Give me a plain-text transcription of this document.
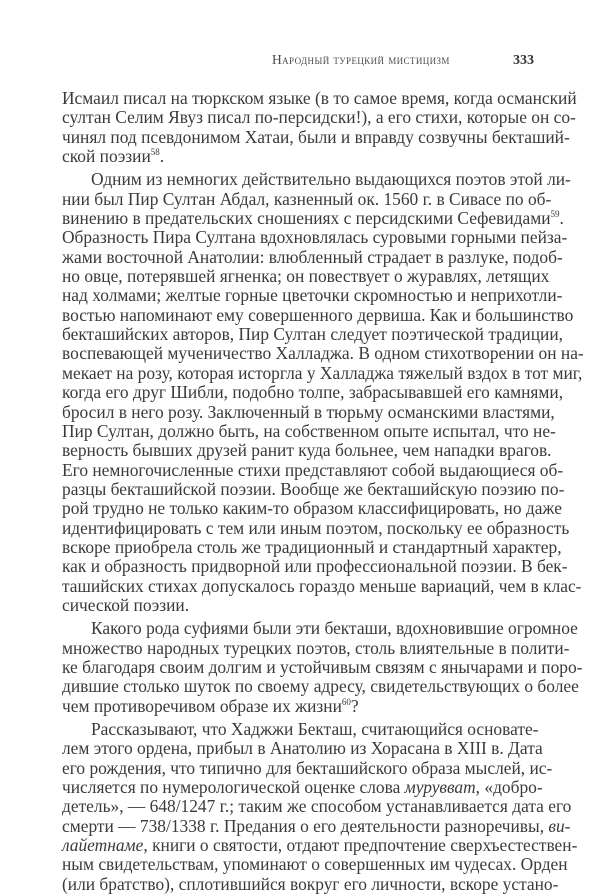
Народный турецкий мистицизм	333
Исмаил писал на тюркском языке (в то самое время, когда османский
султан Селим Явуз писал по-персидски!), а его стихи, которые он со-
чинял под псевдонимом Хатаи, были и вправду созвучны бекташий-
ской поэзии$^{58}$.
Одним из немногих действительно выдающихся поэтов этой ли-
нии был Пир Султан Абдал, казненный ок. 1560 г. в Сивасе по об-
винению в предательских сношениях с персидскими Сефевидами$^{59}$.
Образность Пира Султана вдохновлялась суровыми горными пейза-
жами восточной Анатолии: влюбленный страдает в разлуке, подоб-
но овце, потерявшей ягненка; он повествует о журавлях, летящих
над холмами; желтые горные цветочки скромностью и неприхотли-
востью напоминают ему совершенного дервиша. Как и большинство
бекташийских авторов, Пир Султан следует поэтической традиции,
воспевающей мученичество Халладжа. В одном стихотворении он на-
мекает на розу, которая исторгла у Халладжа тяжелый вздох в тот миг,
когда его друг Шибли, подобно толпе, забрасывавшей его камнями,
бросил в него розу. Заключенный в тюрьму османскими властями,
Пир Султан, должно быть, на собственном опыте испытал, что не-
верность бывших друзей ранит куда больнее, чем нападки врагов.
Его немногочисленные стихи представляют собой выдающиеся об-
разцы бекташийской поэзии. Вообще же бекташийскую поэзию по-
рой трудно не только каким-то образом классифицировать, но даже
идентифицировать с тем или иным поэтом, поскольку ее образность
вскоре приобрела столь же традиционный и стандартный характер,
как и образность придворной или профессиональной поэзии. В бек-
ташийских стихах допускалось гораздо меньше вариаций, чем в клас-
сической поэзии.
Какого рода суфиями были эти бекташи, вдохновившие огромное
множество народных турецких поэтов, столь влиятельные в полити-
ке благодаря своим долгим и устойчивым связям с янычарами и поро-
дившие столько шуток по своему адресу, свидетельствующих о более
чем противоречивом образе их жизни$^{60}$?
Рассказывают, что Хаджжи Бекташ, считающийся основате-
лем этого ордена, прибыл в Анатолию из Хорасана в XIII в. Дата
его рождения, что типично для бекташийского образа мыслей, ис-
числяется по нумерологической оценке слова мурувват, «добро-
детель», — 648/1247 г.; таким же способом устанавливается дата его
смерти — 738/1338 г. Предания о его деятельности разноречивы, ви-
лайетнаме, книги о святости, отдают предпочтение сверхъестествен-
ным свидетельствам, упоминают о совершенных им чудесах. Орден
(или братство), сплотившийся вокруг его личности, вскоре устано-
